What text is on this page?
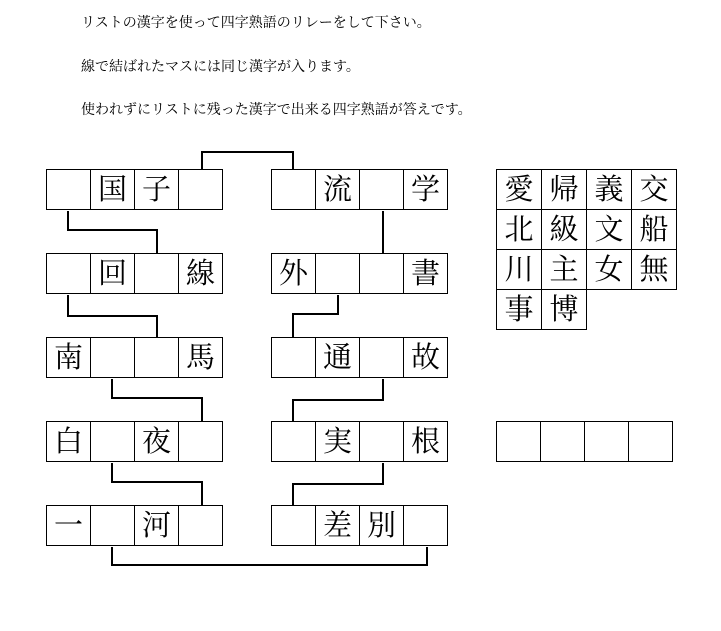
リストの漢字を使って四字熟語のリレーをして下さい。

線で結ばれたマスには同じ漢字が入ります。

使われずにリストに残った漢字で出来る四字熟語が答えです。

国 子
回 線
南	馬
白 夜
一 河
流 学
外	書
通 故
実 根
差 別
愛 帰 義 交
北 級 文 船
川 主 女 無
事 博
